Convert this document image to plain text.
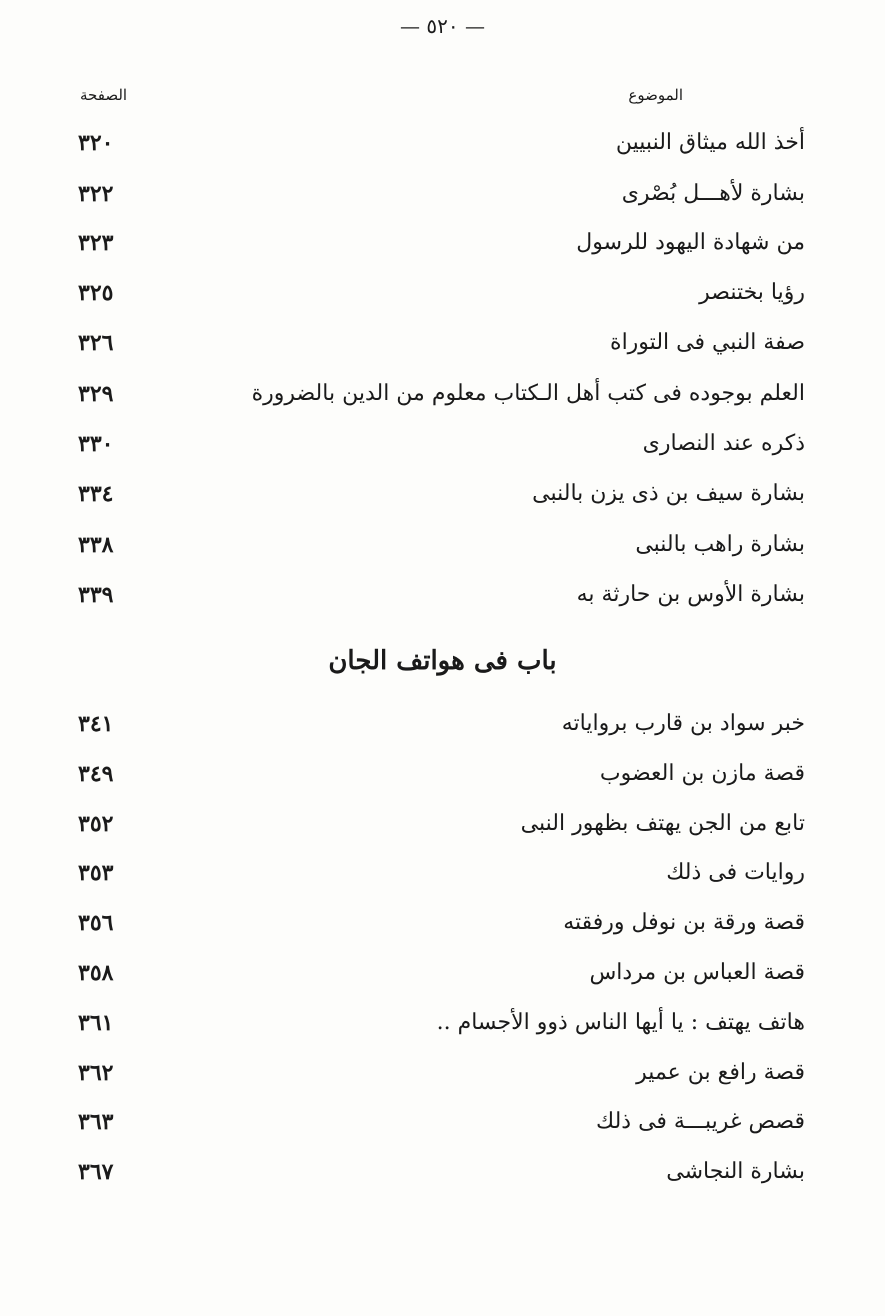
— ٥٢٠ —
الموضوع
الصفحة
أخذ الله ميثاق النبيين
٣٢٠
بشارة لأهـــل بُصْرى
٣٢٢
من شهادة اليهود للرسول
٣٢٣
رؤيا بختنصر
٣٢٥
صفة النبي فى التوراة
٣٢٦
العلم بوجوده فى كتب أهل الـكتاب معلوم من الدين بالضرورة
٣٢٩
ذكره عند النصارى
٣٣٠
بشارة سيف بن ذى يزن بالنبى
٣٣٤
بشارة راهب بالنبى
٣٣٨
بشارة الأوس بن حارثة به
٣٣٩
باب فى هواتف الجان
خبر سواد بن قارب برواياته
٣٤١
قصة مازن بن العضوب
٣٤٩
تابع من الجن يهتف بظهور النبى
٣٥٢
روايات فى ذلك
٣٥٣
قصة ورقة بن نوفل ورفقته
٣٥٦
قصة العباس بن مرداس
٣٥٨
هاتف يهتف : يا أيها الناس ذوو الأجسام ..
٣٦١
قصة رافع بن عمير
٣٦٢
قصص غريبـــة فى ذلك
٣٦٣
بشارة النجاشى
٣٦٧
